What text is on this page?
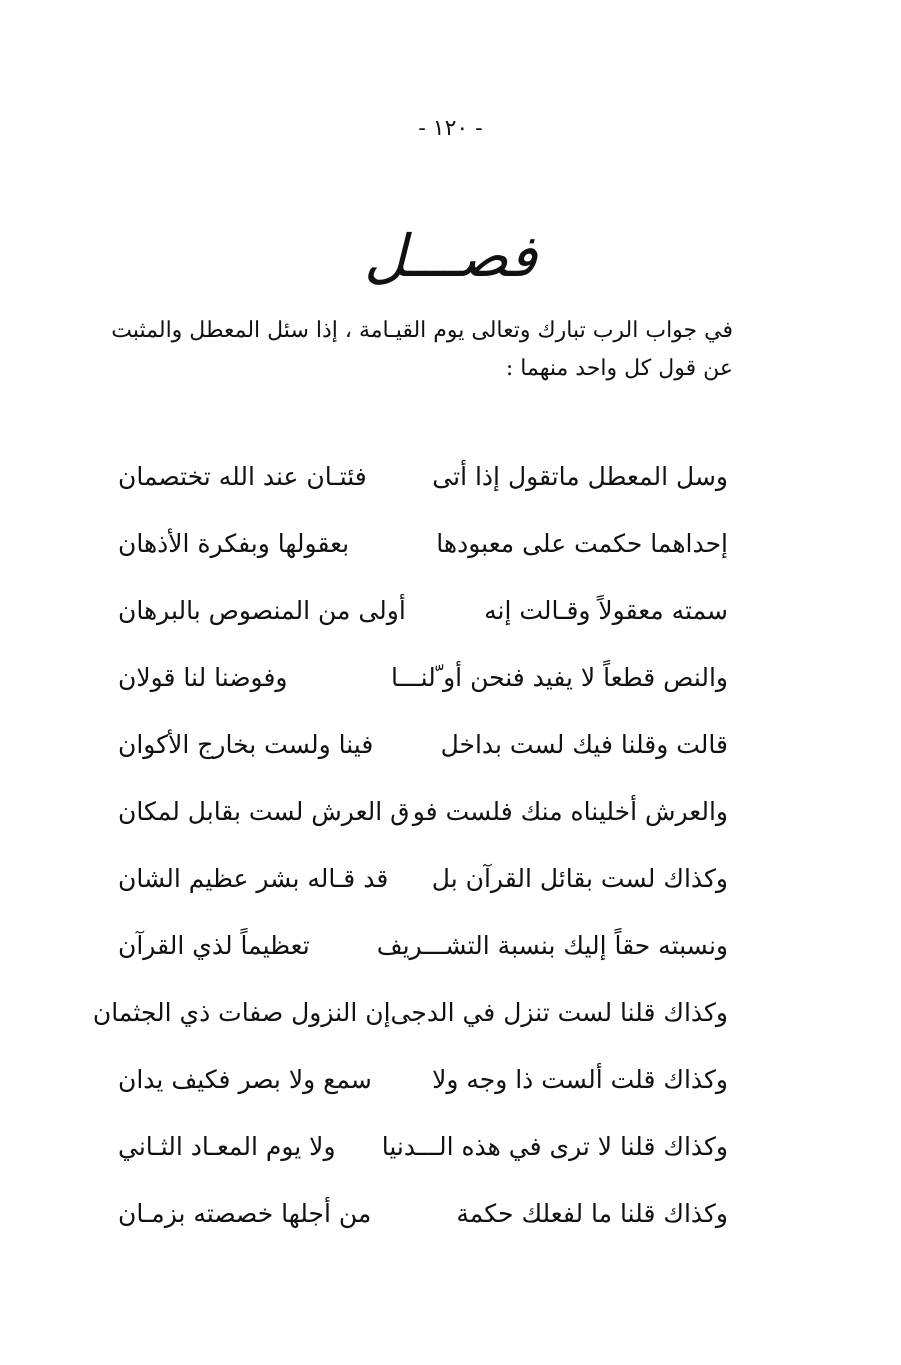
- ١٢٠ -
فصـــل

في جواب الرب تبارك وتعالى يوم القيـامة ، إذا سئل المعطل والمثبت

عن قول كل واحد منهما :

وسل المعطل ماتقول إذا أتى
فئتـان عند الله تختصمان
إحداهما حكمت على معبودها
بعقولها وبفكرة الأذهان
سمته معقولاً وقـالت إنه
أولى من المنصوص بالبرهان
والنص قطعاً لا يفيد فنحن أو ّلنـــا
وفوضنا لنا قولان
قالت وقلنا فيك لست بداخل
فينا ولست بخارج الأكوان
والعرش أخليناه منك فلست فو
ق العرش لست بقابل لمكان
وكذاك لست بقائل القرآن بل
قد قـاله بشر عظيم الشان
ونسبته حقاً إليك بنسبة التشـــريف
تعظيماً لذي القرآن
وكذاك قلنا لست تنزل في الدجى
إن النزول صفات ذي الجثمان
وكذاك قلت ألست ذا وجه ولا
سمع ولا بصر فكيف يدان
وكذاك قلنا لا ترى في هذه الـــدنيا
ولا يوم المعـاد الثـاني
وكذاك قلنا ما لفعلك حكمة
من أجلها خصصته بزمـان
